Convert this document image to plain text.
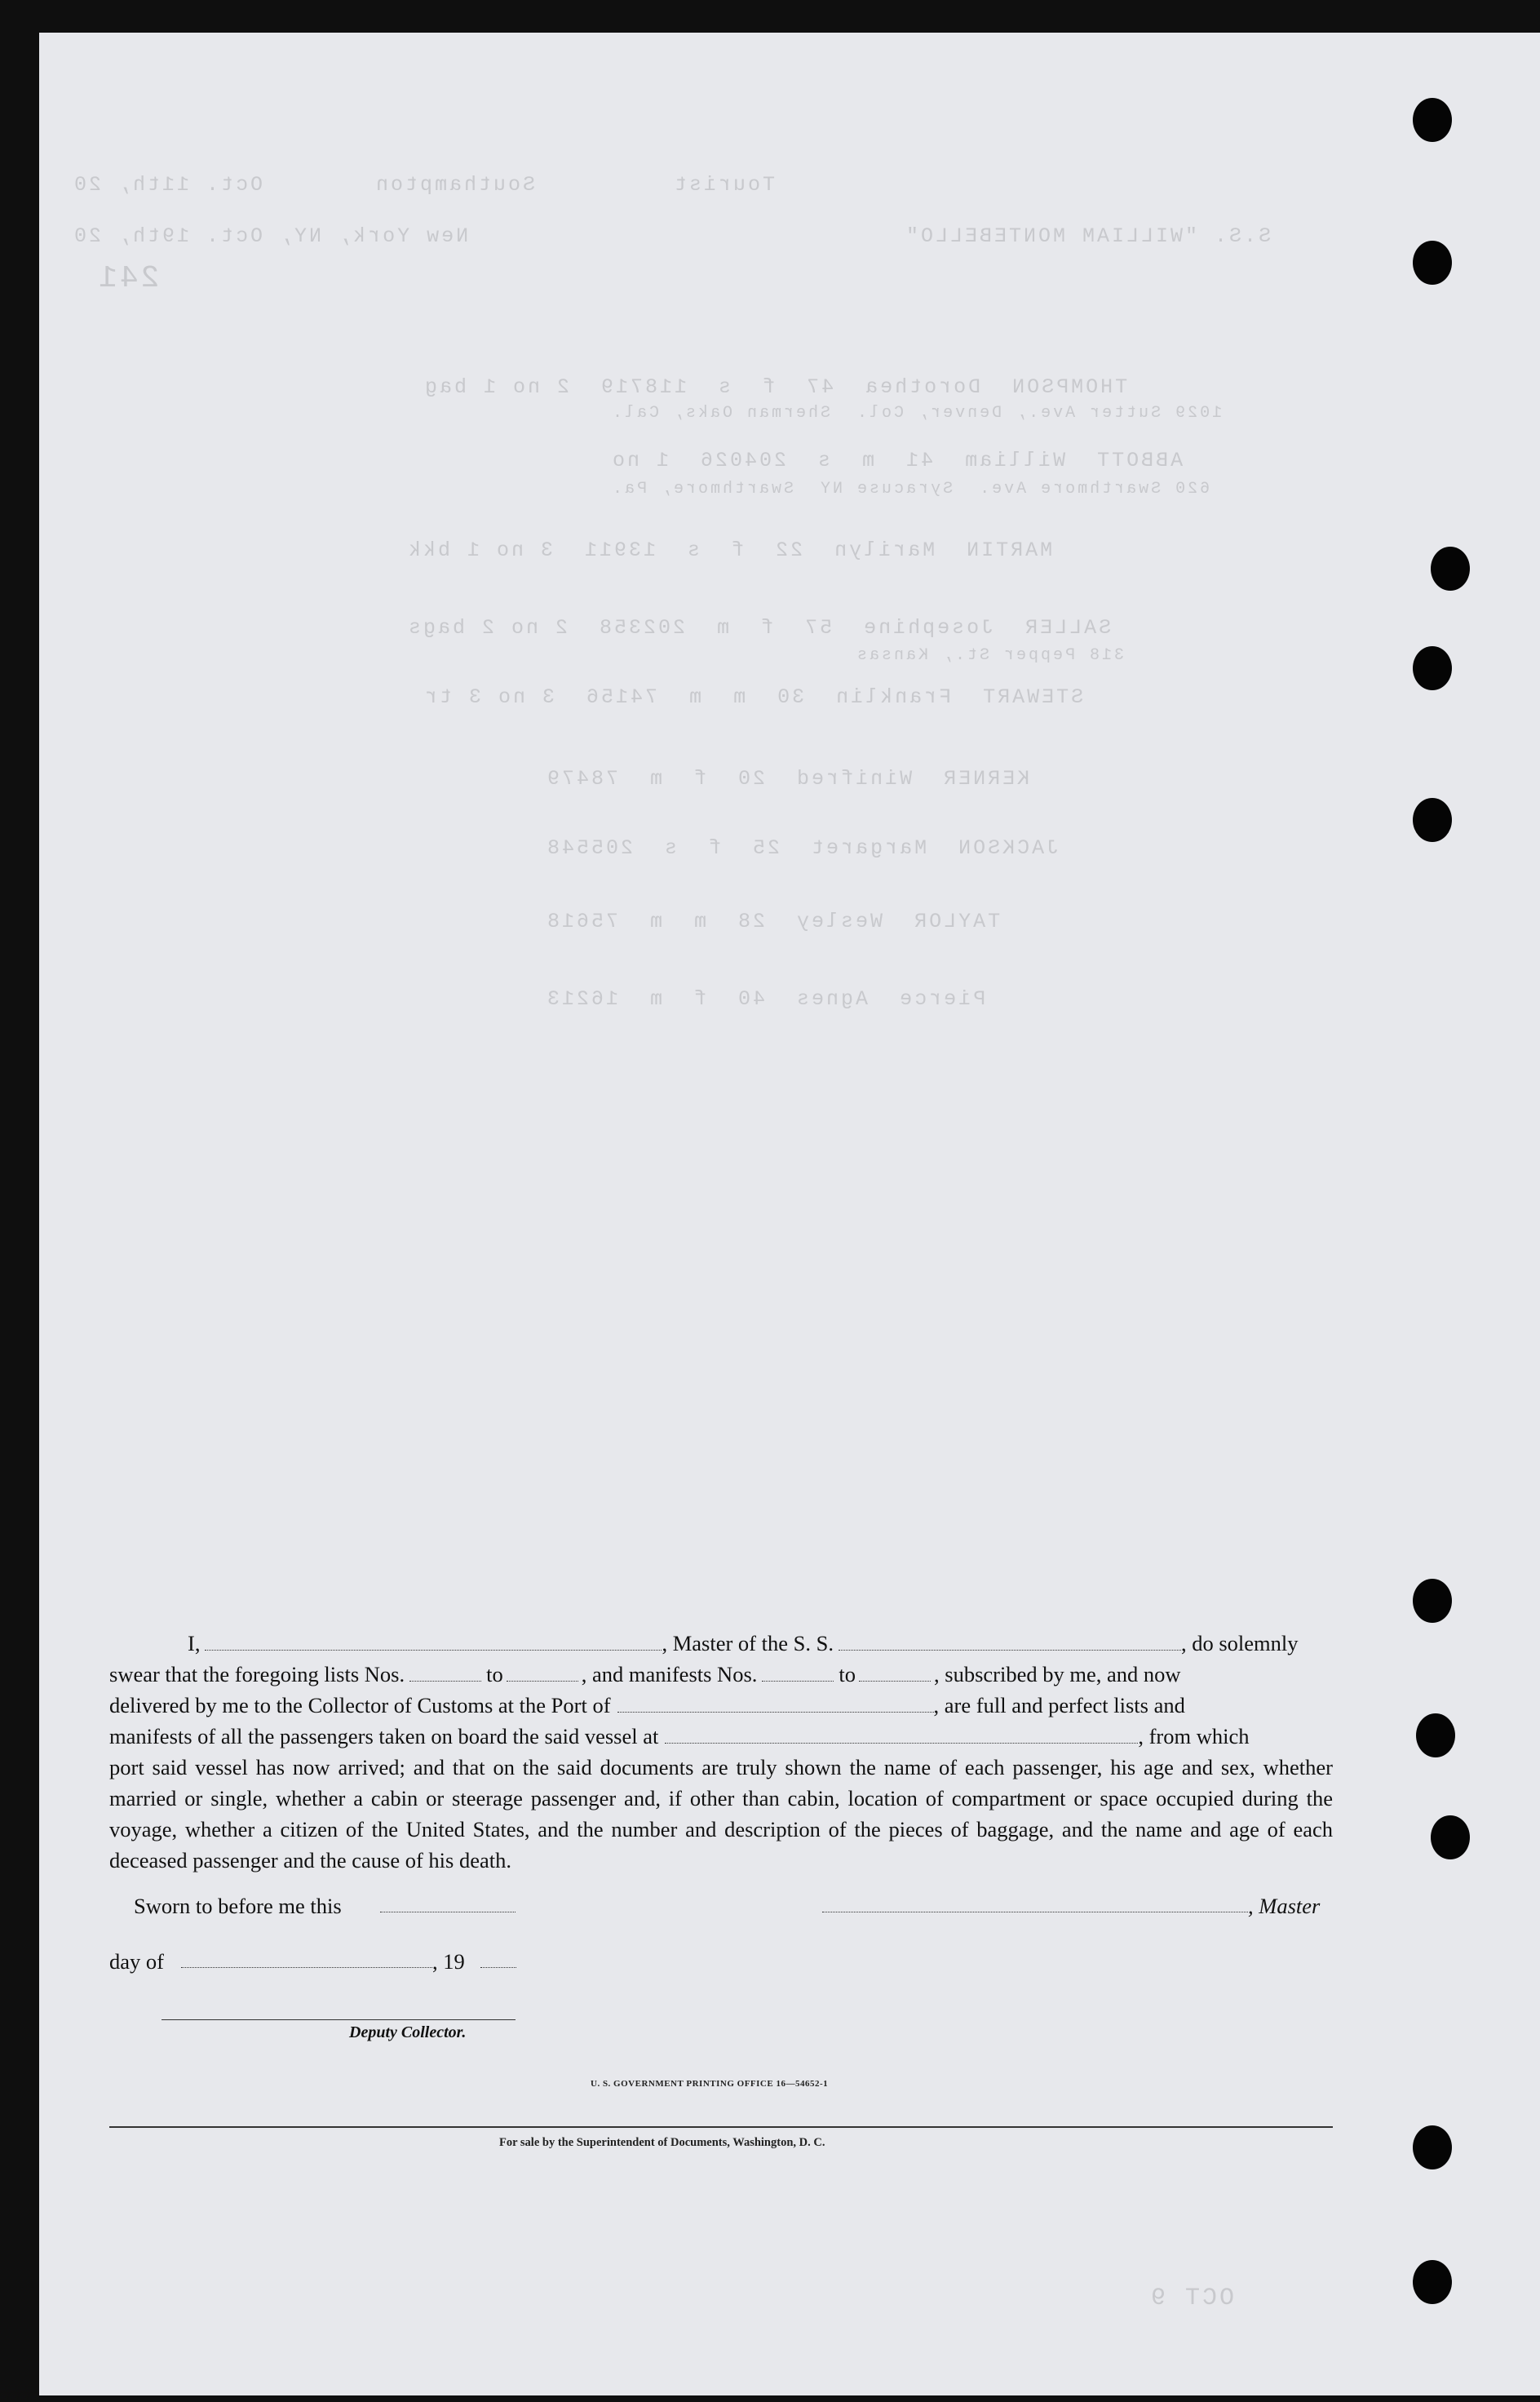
Tourist
Southampton
Oct. 11th, 20
S.S. "WILLIAM MONTEBELLO"
New York, NY, Oct. 19th, 20
241
THOMPSON  Dorothea  47  f  s  118719  2 no 1 bag
1029 Sutter Ave., Denver, Col.  Sherman Oaks, Cal.
ABBOTT  William  41  m  s  204026  1 no
620 Swarthmore Ave.  Syracuse NY  Swarthmore, Pa.
MARTIN  Marilyn  22  f  s  13911  3 no 1 bkk
SALLER  Josephine  57  f  m  202358  2 no 2 bags
318 Pepper St., Kansas
STEWART  Franklin  30  m  m  74156  3 no 3 tr
KERNER  Winifred  20  f  m  78479
JACKSON  Margaret  25  f  s  205548
TAYLOR  Wesley  28  m  m  75618
Pierce  Agnes  40  f  m  16213
I,	, Master of the S. S.	, do solemnly
swear that the foregoing lists Nos.	to	, and manifests Nos.	to	, subscribed by me, and now
delivered by me to the Collector of Customs at the Port of	, are full and perfect lists and
manifests of all the passengers taken on board the said vessel at	, from which
port said vessel has now arrived; and that on the said documents are truly shown the name of each passenger, his age and sex, whether married or single, whether a cabin or steerage passenger and, if other than cabin, location of compartment or space occupied during the voyage, whether a citizen of the United States, and the number and description of the pieces of baggage, and the name and age of each deceased passenger and the cause of his death.
Sworn to before me this	, Master
day of	, 19
Deputy Collector.
U. S. GOVERNMENT PRINTING OFFICE 16—54652-1
For sale by the Superintendent of Documents, Washington, D. C.
OCT 9
